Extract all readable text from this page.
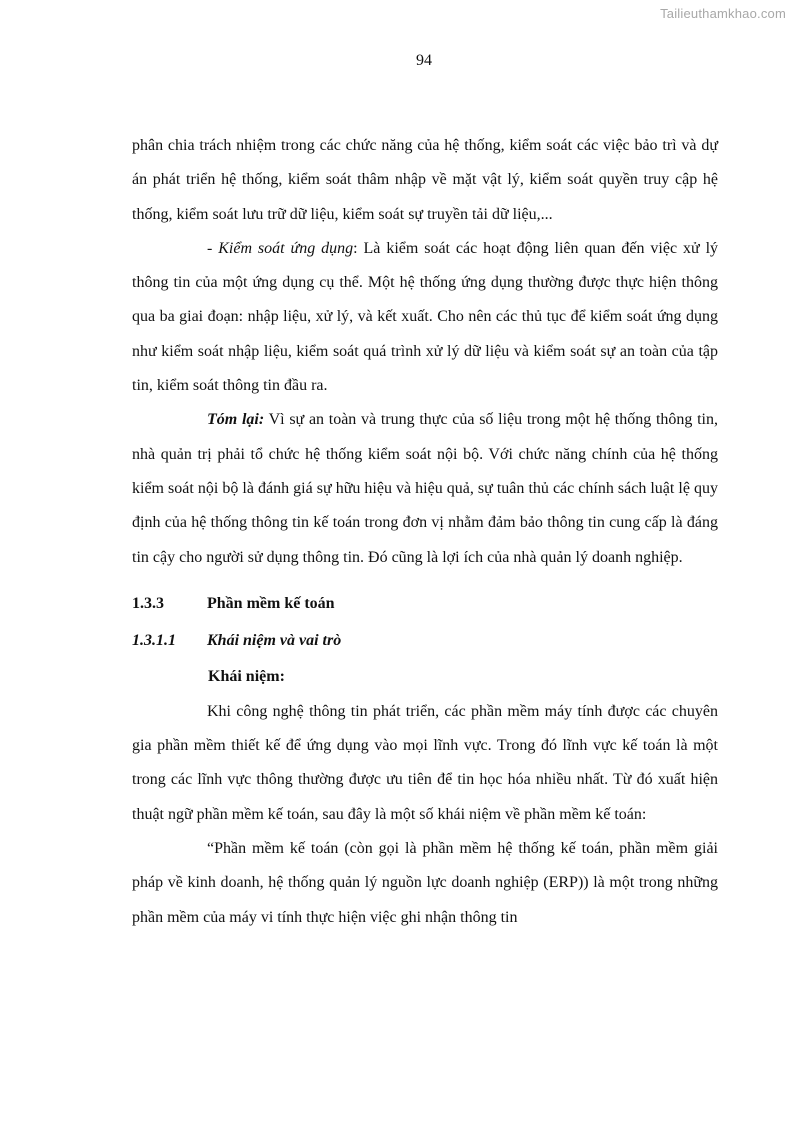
Tailieuthamkhao.com
94

phân chia trách nhiệm trong các chức năng của hệ thống, kiểm soát các việc bảo trì và dự án phát triển hệ thống, kiểm soát thâm nhập về mặt vật lý, kiểm soát quyền truy cập hệ thống, kiểm soát lưu trữ dữ liệu, kiểm soát sự truyền tải dữ liệu,...

- Kiểm soát ứng dụng: Là kiểm soát các hoạt động liên quan đến việc xử lý thông tin của một ứng dụng cụ thể. Một hệ thống ứng dụng thường được thực hiện thông qua ba giai đoạn: nhập liệu, xử lý, và kết xuất. Cho nên các thủ tục để kiểm soát ứng dụng như kiểm soát nhập liệu, kiểm soát quá trình xử lý dữ liệu và kiểm soát sự an toàn của tập tin, kiểm soát thông tin đầu ra.

Tóm lại: Vì sự an toàn và trung thực của số liệu trong một hệ thống thông tin, nhà quản trị phải tổ chức hệ thống kiểm soát nội bộ. Với chức năng chính của hệ thống kiểm soát nội bộ là đánh giá sự hữu hiệu và hiệu quả, sự tuân thủ các chính sách luật lệ quy định của hệ thống thông tin kế toán trong đơn vị nhằm đảm bảo thông tin cung cấp là đáng tin cậy cho người sử dụng thông tin. Đó cũng là lợi ích của nhà quản lý doanh nghiệp.

1.3.3	Phần mềm kế toán

1.3.1.1 Khái niệm và vai trò

Khái niệm:

Khi công nghệ thông tin phát triển, các phần mềm máy tính được các chuyên gia phần mềm thiết kế để ứng dụng vào mọi lĩnh vực. Trong đó lĩnh vực kế toán là một trong các lĩnh vực thông thường được ưu tiên để tin học hóa nhiều nhất. Từ đó xuất hiện thuật ngữ phần mềm kế toán, sau đây là một số khái niệm về phần mềm kế toán:

“Phần mềm kế toán (còn gọi là phần mềm hệ thống kế toán, phần mềm giải pháp về kinh doanh, hệ thống quản lý nguồn lực doanh nghiệp (ERP)) là một trong những phần mềm của máy vi tính thực hiện việc ghi nhận thông tin
